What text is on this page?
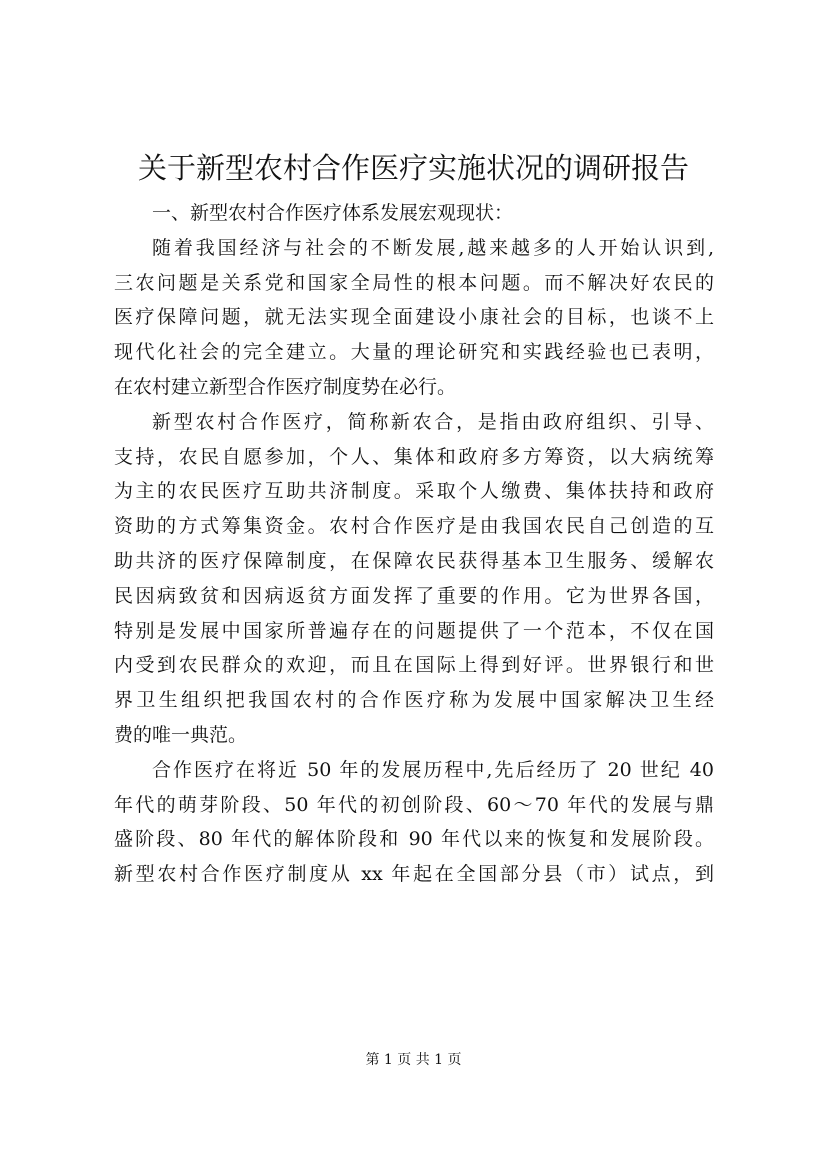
关于新型农村合作医疗实施状况的调研报告
一、新型农村合作医疗体系发展宏观现状：
随着我国经济与社会的不断发展,越来越多的人开始认识到,
三农问题是关系党和国家全局性的根本问题。而不解决好农民的
医疗保障问题，就无法实现全面建设小康社会的目标，也谈不上
现代化社会的完全建立。大量的理论研究和实践经验也已表明，
在农村建立新型合作医疗制度势在必行。
新型农村合作医疗，简称新农合，是指由政府组织、引导、
支持，农民自愿参加，个人、集体和政府多方筹资，以大病统筹
为主的农民医疗互助共济制度。采取个人缴费、集体扶持和政府
资助的方式筹集资金。农村合作医疗是由我国农民自己创造的互
助共济的医疗保障制度，在保障农民获得基本卫生服务、缓解农
民因病致贫和因病返贫方面发挥了重要的作用。它为世界各国，
特别是发展中国家所普遍存在的问题提供了一个范本，不仅在国
内受到农民群众的欢迎，而且在国际上得到好评。世界银行和世
界卫生组织把我国农村的合作医疗称为发展中国家解决卫生经
费的唯一典范。
合作医疗在将近 50 年的发展历程中,先后经历了 20 世纪 40
年代的萌芽阶段、50 年代的初创阶段、60～70 年代的发展与鼎
盛阶段、80 年代的解体阶段和 90 年代以来的恢复和发展阶段。
新型农村合作医疗制度从 xx 年起在全国部分县（市）试点，到
第 1 页 共 1 页
